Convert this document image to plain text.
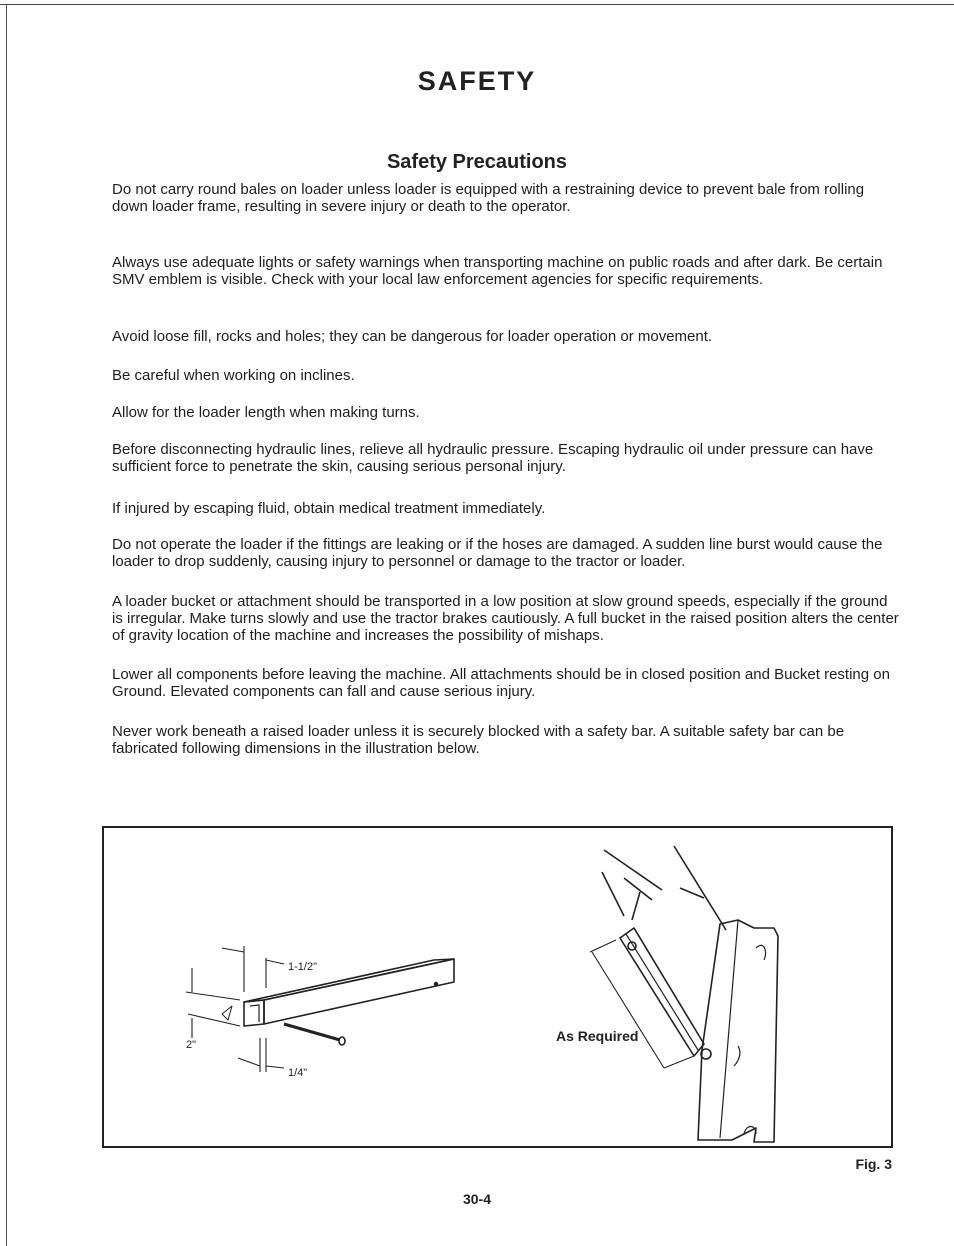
SAFETY
Safety Precautions

Do not carry round bales on loader unless loader is equipped with a restraining device to prevent bale from rolling down loader frame, resulting in severe injury or death to the operator.

Always use adequate lights or safety warnings when transporting machine on public roads and after dark. Be certain SMV emblem is visible. Check with your local law enforcement agencies for specific requirements.

Avoid loose fill, rocks and holes; they can be dangerous for loader operation or movement.

Be careful when working on inclines.

Allow for the loader length when making turns.

Before disconnecting hydraulic lines, relieve all hydraulic pressure. Escaping hydraulic oil under pressure can have sufficient force to penetrate the skin, causing serious personal injury.

If injured by escaping fluid, obtain medical treatment immediately.

Do not operate the loader if the fittings are leaking or if the hoses are damaged. A sudden line burst would cause the loader to drop suddenly, causing injury to personnel or damage to the tractor or loader.

A loader bucket or attachment should be transported in a low position at slow ground speeds, especially if the ground is irregular. Make turns slowly and use the tractor brakes cautiously. A full bucket in the raised position alters the center of gravity location of the machine and increases the possibility of mishaps.

Lower all components before leaving the machine. All attachments should be in closed position and Bucket resting on Ground. Elevated components can fall and cause serious injury.

Never work beneath a raised loader unless it is securely blocked with a safety bar. A suitable safety bar can be fabricated following dimensions in the illustration below.

1-1/2"
2"
1/4"
As Required
Fig. 3
30-4
